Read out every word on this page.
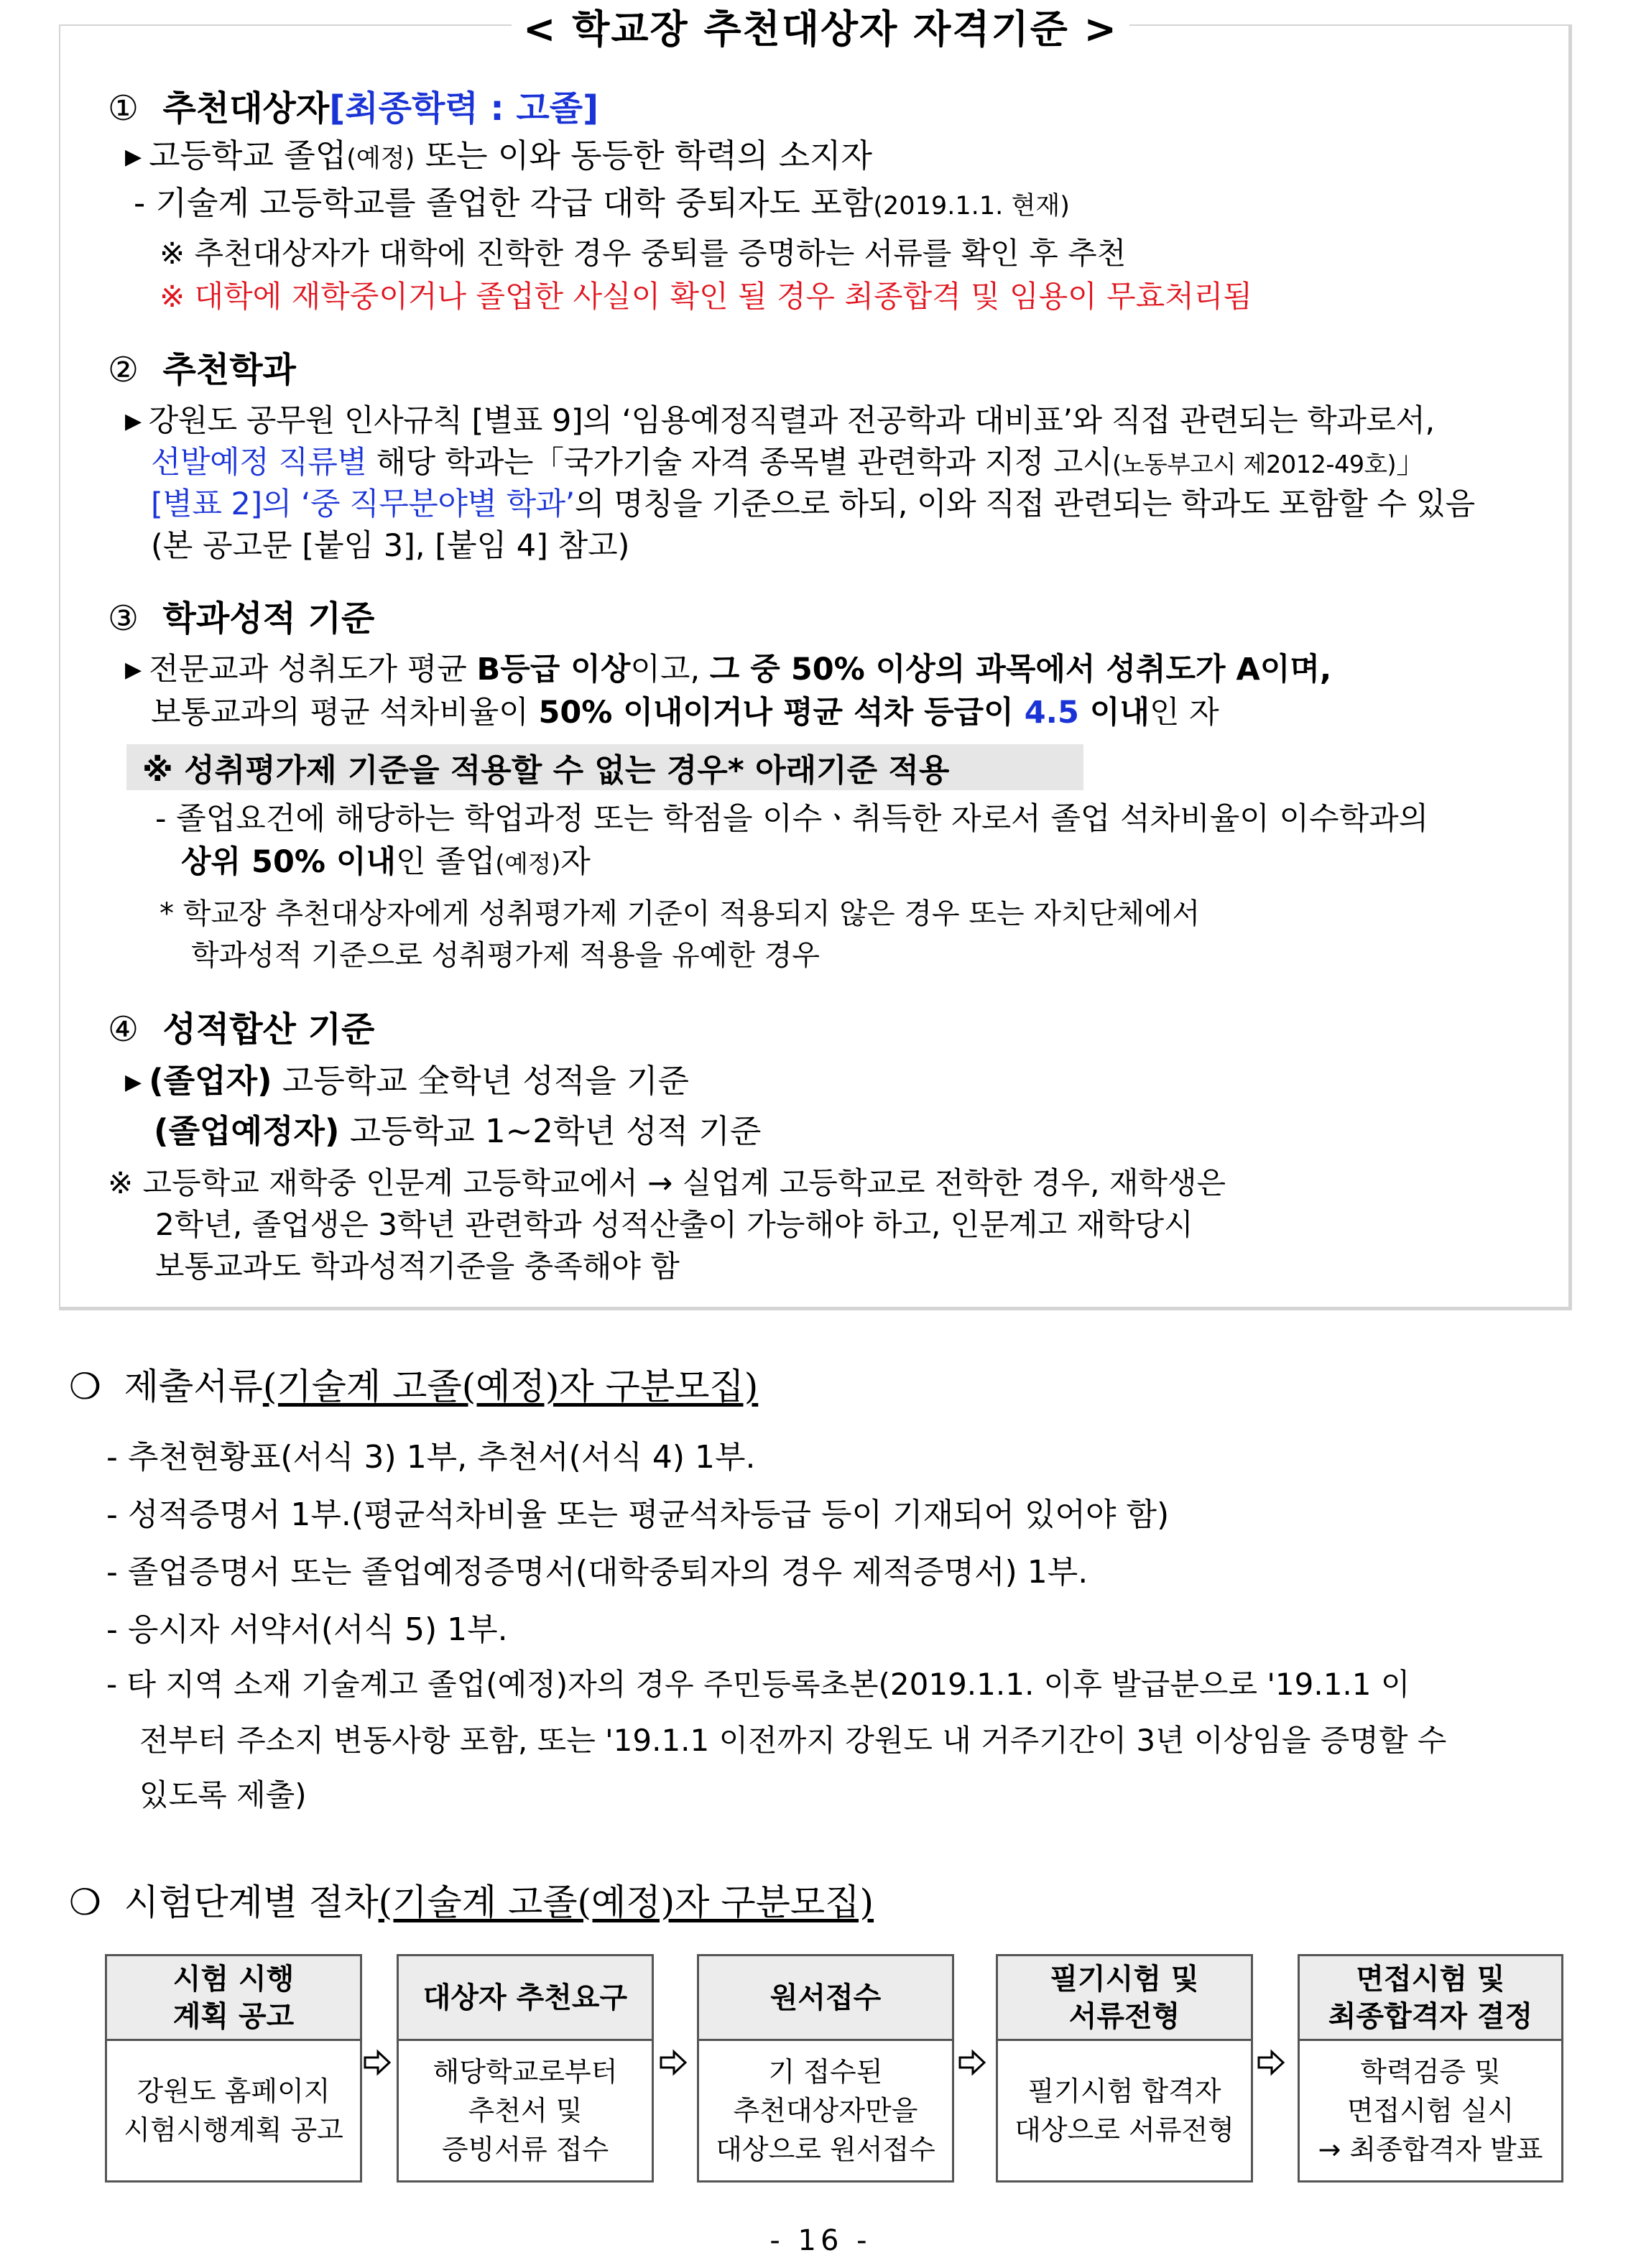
< 학교장 추천대상자 자격기준 >
① 추천대상자[최종학력 : 고졸]
▶ 고등학교 졸업(예정) 또는 이와 동등한 학력의 소지자
- 기술계 고등학교를 졸업한 각급 대학 중퇴자도 포함(2019.1.1. 현재)
※ 추천대상자가 대학에 진학한 경우 중퇴를 증명하는 서류를 확인 후 추천
※ 대학에 재학중이거나 졸업한 사실이 확인 될 경우 최종합격 및 임용이 무효처리됨
② 추천학과
▶ 강원도 공무원 인사규칙 [별표 9]의 ‘임용예정직렬과 전공학과 대비표’와 직접 관련되는 학과로서,
선발예정 직류별 해당 학과는「국가기술 자격 종목별 관련학과 지정 고시(노동부고시 제2012-49호)」
[별표 2]의 ‘중 직무분야별 학과’의 명칭을 기준으로 하되, 이와 직접 관련되는 학과도 포함할 수 있음
(본 공고문 [붙임 3], [붙임 4] 참고)
③ 학과성적 기준
▶ 전문교과 성취도가 평균 B등급 이상이고, 그 중 50% 이상의 과목에서 성취도가 A이며,
보통교과의 평균 석차비율이 50% 이내이거나 평균 석차 등급이 4.5 이내인 자
※ 성취평가제 기준을 적용할 수 없는 경우* 아래기준 적용
- 졸업요건에 해당하는 학업과정 또는 학점을 이수ㆍ취득한 자로서 졸업 석차비율이 이수학과의
상위 50% 이내인 졸업(예정)자
* 학교장 추천대상자에게 성취평가제 기준이 적용되지 않은 경우 또는 자치단체에서
학과성적 기준으로 성취평가제 적용을 유예한 경우
④ 성적합산 기준
▶ (졸업자) 고등학교 全학년 성적을 기준
(졸업예정자) 고등학교 1~2학년 성적 기준
※ 고등학교 재학중 인문계 고등학교에서 → 실업계 고등학교로 전학한 경우, 재학생은
2학년, 졸업생은 3학년 관련학과 성적산출이 가능해야 하고, 인문계고 재학당시
보통교과도 학과성적기준을 충족해야 함
❍ 제출서류(기술계 고졸(예정)자 구분모집)
- 추천현황표(서식 3) 1부, 추천서(서식 4) 1부.
- 성적증명서 1부.(평균석차비율 또는 평균석차등급 등이 기재되어 있어야 함)
- 졸업증명서 또는 졸업예정증명서(대학중퇴자의 경우 제적증명서) 1부.
- 응시자 서약서(서식 5) 1부.
- 타 지역 소재 기술계고 졸업(예정)자의 경우 주민등록초본(2019.1.1. 이후 발급분으로 '19.1.1 이
전부터 주소지 변동사항 포함, 또는 '19.1.1 이전까지 강원도 내 거주기간이 3년 이상임을 증명할 수
있도록 제출)
❍ 시험단계별 절차(기술계 고졸(예정)자 구분모집)
시험 시행
계획 공고
강원도 홈페이지
시험시행계획 공고
대상자 추천요구
해당학교로부터
추천서 및
증빙서류 접수
원서접수
기 접수된
추천대상자만을
대상으로 원서접수
필기시험 및
서류전형
필기시험 합격자
대상으로 서류전형
면접시험 및
최종합격자 결정
학력검증 및
면접시험 실시
→ 최종합격자 발표
- 16 -
